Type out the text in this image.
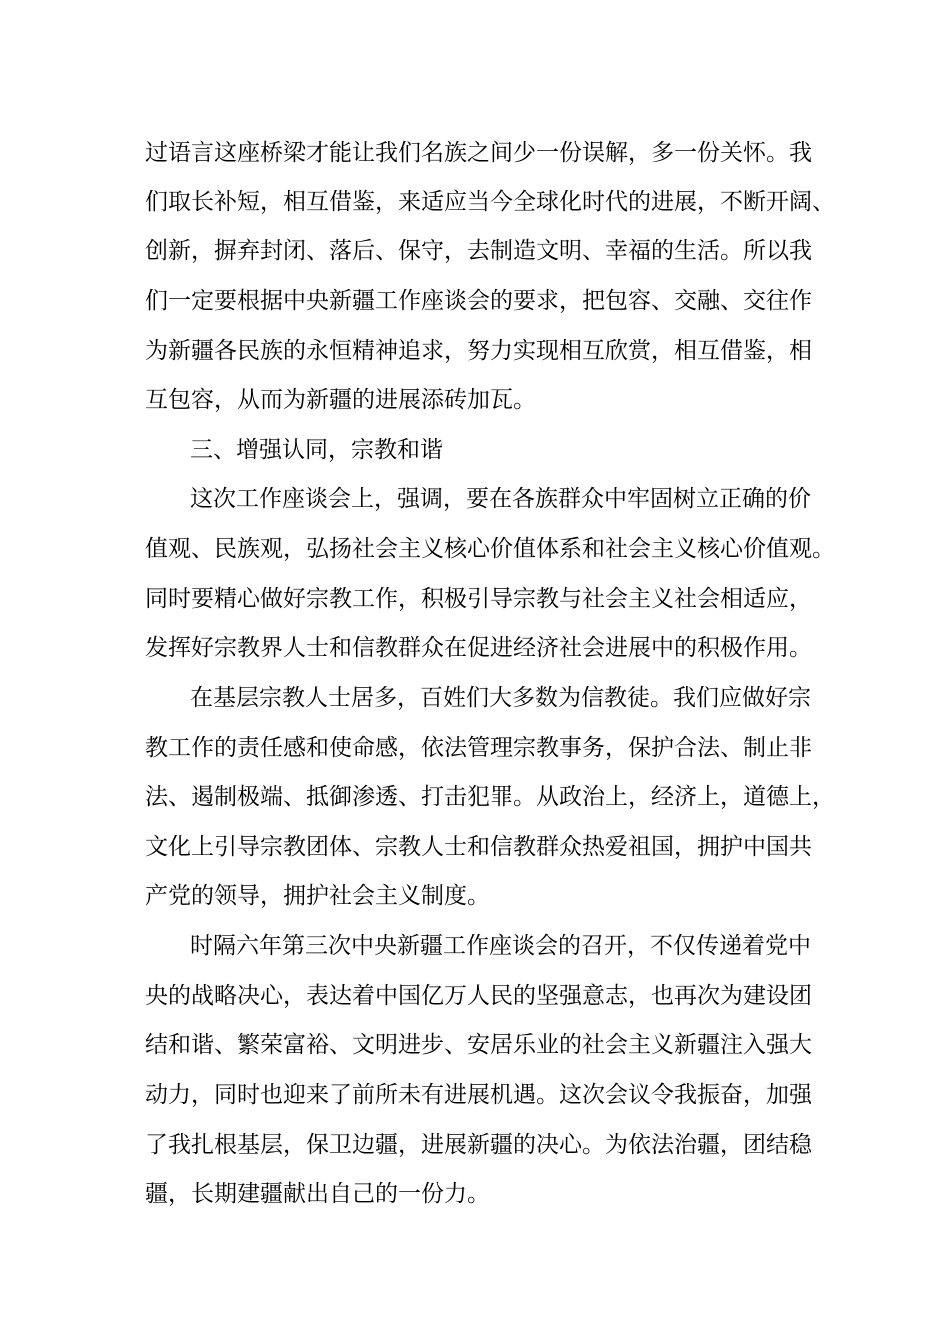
过语言这座桥梁才能让我们名族之间少一份误解，多一份关怀。我

们取长补短，相互借鉴，来适应当今全球化时代的进展，不断开阔、

创新，摒弃封闭、落后、保守，去制造文明、幸福的生活。所以我

们一定要根据中央新疆工作座谈会的要求，把包容、交融、交往作

为新疆各民族的永恒精神追求，努力实现相互欣赏，相互借鉴，相

互包容，从而为新疆的进展添砖加瓦。

三、增强认同，宗教和谐

这次工作座谈会上，强调，要在各族群众中牢固树立正确的价

值观、民族观，弘扬社会主义核心价值体系和社会主义核心价值观。

同时要精心做好宗教工作，积极引导宗教与社会主义社会相适应，

发挥好宗教界人士和信教群众在促进经济社会进展中的积极作用。

在基层宗教人士居多，百姓们大多数为信教徒。我们应做好宗

教工作的责任感和使命感，依法管理宗教事务，保护合法、制止非

法、遏制极端、抵御渗透、打击犯罪。从政治上，经济上，道德上，

文化上引导宗教团体、宗教人士和信教群众热爱祖国，拥护中国共

产党的领导，拥护社会主义制度。

时隔六年第三次中央新疆工作座谈会的召开，不仅传递着党中

央的战略决心，表达着中国亿万人民的坚强意志，也再次为建设团

结和谐、繁荣富裕、文明进步、安居乐业的社会主义新疆注入强大

动力，同时也迎来了前所未有进展机遇。这次会议令我振奋，加强

了我扎根基层，保卫边疆，进展新疆的决心。为依法治疆，团结稳

疆，长期建疆献出自己的一份力。
